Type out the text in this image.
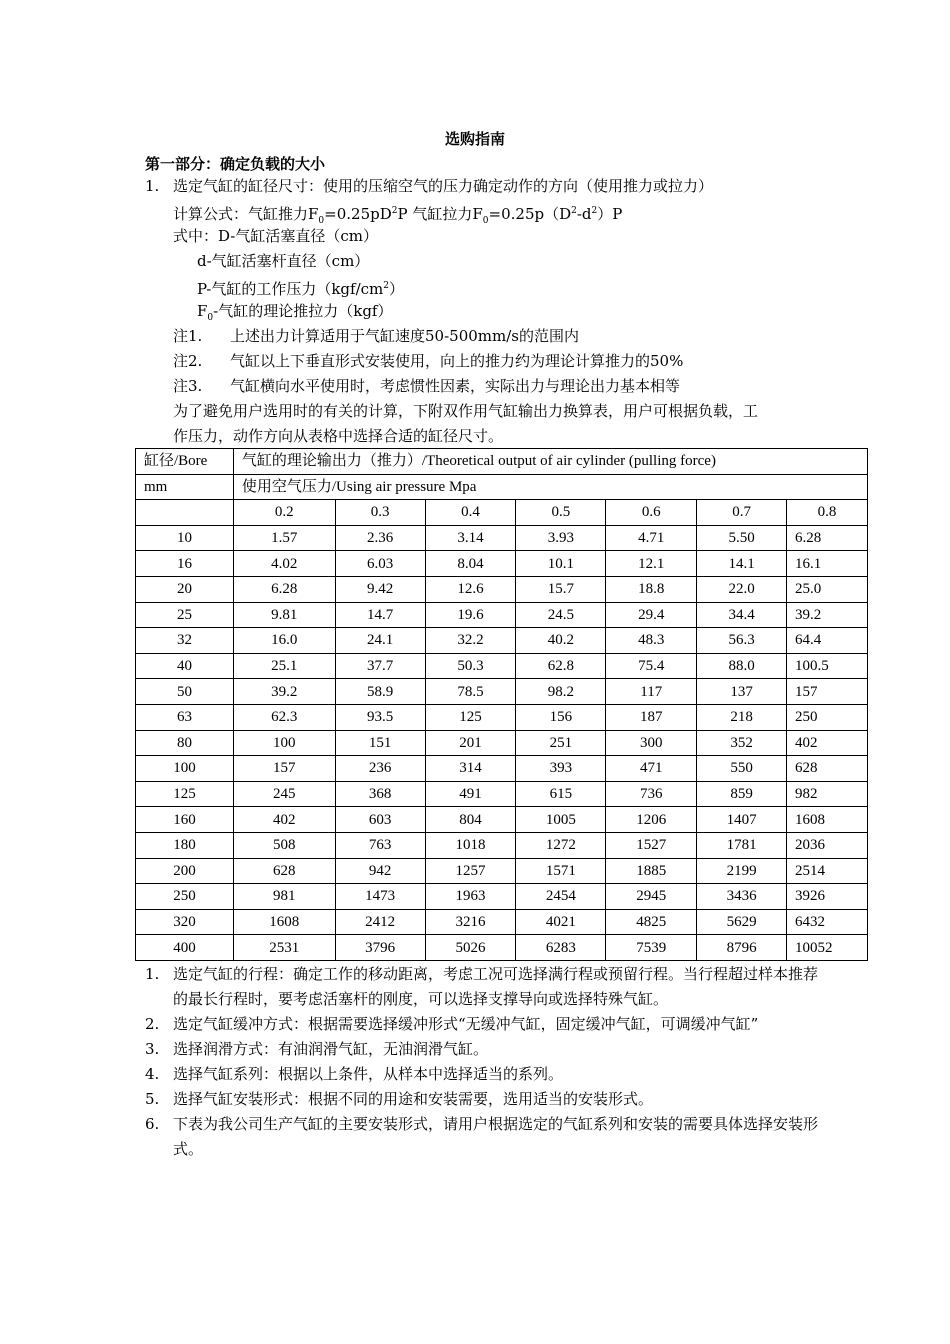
选购指南
第一部分：确定负载的大小
1. 选定气缸的缸径尺寸：使用的压缩空气的压力确定动作的方向（使用推力或拉力）
计算公式：气缸推力$F_0=0.25pD^2P$ 气缸拉力$F_0=0.25p(D^2-d^2)P$
式中：D-气缸活塞直径（cm）
d-气缸活塞杆直径（cm）
P-气缸的工作压力$(kgf/cm^2)$
$F_0-$气缸的理论推拉力（kgf）
注1. 上述出力计算适用于气缸速度50-500mm/s的范围内
注2. 气缸以上下垂直形式安装使用，向上的推力约为理论计算推力的50%
注3. 气缸横向水平使用时，考虑惯性因素，实际出力与理论出力基本相等
为了避免用户选用时的有关的计算，下附双作用气缸输出力换算表，用户可根据负载，工
作压力，动作方向从表格中选择合适的缸径尺寸。
缸径/Bore	气缸的理论输出力（推力）/Theoretical output of air cylinder (pulling force)						
mm	使用空气压力/Using air pressure Mpa						
	0.2	0.3	0.4	0.5	0.6	0.7	0.8
10	1.57	2.36	3.14	3.93	4.71	5.50	6.28
16	4.02	6.03	8.04	10.1	12.1	14.1	16.1
20	6.28	9.42	12.6	15.7	18.8	22.0	25.0
25	9.81	14.7	19.6	24.5	29.4	34.4	39.2
32	16.0	24.1	32.2	40.2	48.3	56.3	64.4
40	25.1	37.7	50.3	62.8	75.4	88.0	100.5
50	39.2	58.9	78.5	98.2	117	137	157
63	62.3	93.5	125	156	187	218	250
80	100	151	201	251	300	352	402
100	157	236	314	393	471	550	628
125	245	368	491	615	736	859	982
160	402	603	804	1005	1206	1407	1608
180	508	763	1018	1272	1527	1781	2036
200	628	942	1257	1571	1885	2199	2514
250	981	1473	1963	2454	2945	3436	3926
320	1608	2412	3216	4021	4825	5629	6432
400	2531	3796	5026	6283	7539	8796	10052
1. 选定气缸的行程：确定工作的移动距离，考虑工况可选择满行程或预留行程。当行程超过样本推荐的最长行程时，要考虑活塞杆的刚度，可以选择支撑导向或选择特殊气缸。
2. 选定气缸缓冲方式：根据需要选择缓冲形式“无缓冲气缸，固定缓冲气缸，可调缓冲气缸”
3. 选择润滑方式：有油润滑气缸，无油润滑气缸。
4. 选择气缸系列：根据以上条件，从样本中选择适当的系列。
5. 选择气缸安装形式：根据不同的用途和安装需要，选用适当的安装形式。
6. 下表为我公司生产气缸的主要安装形式，请用户根据选定的气缸系列和安装的需要具体选择安装形式。
